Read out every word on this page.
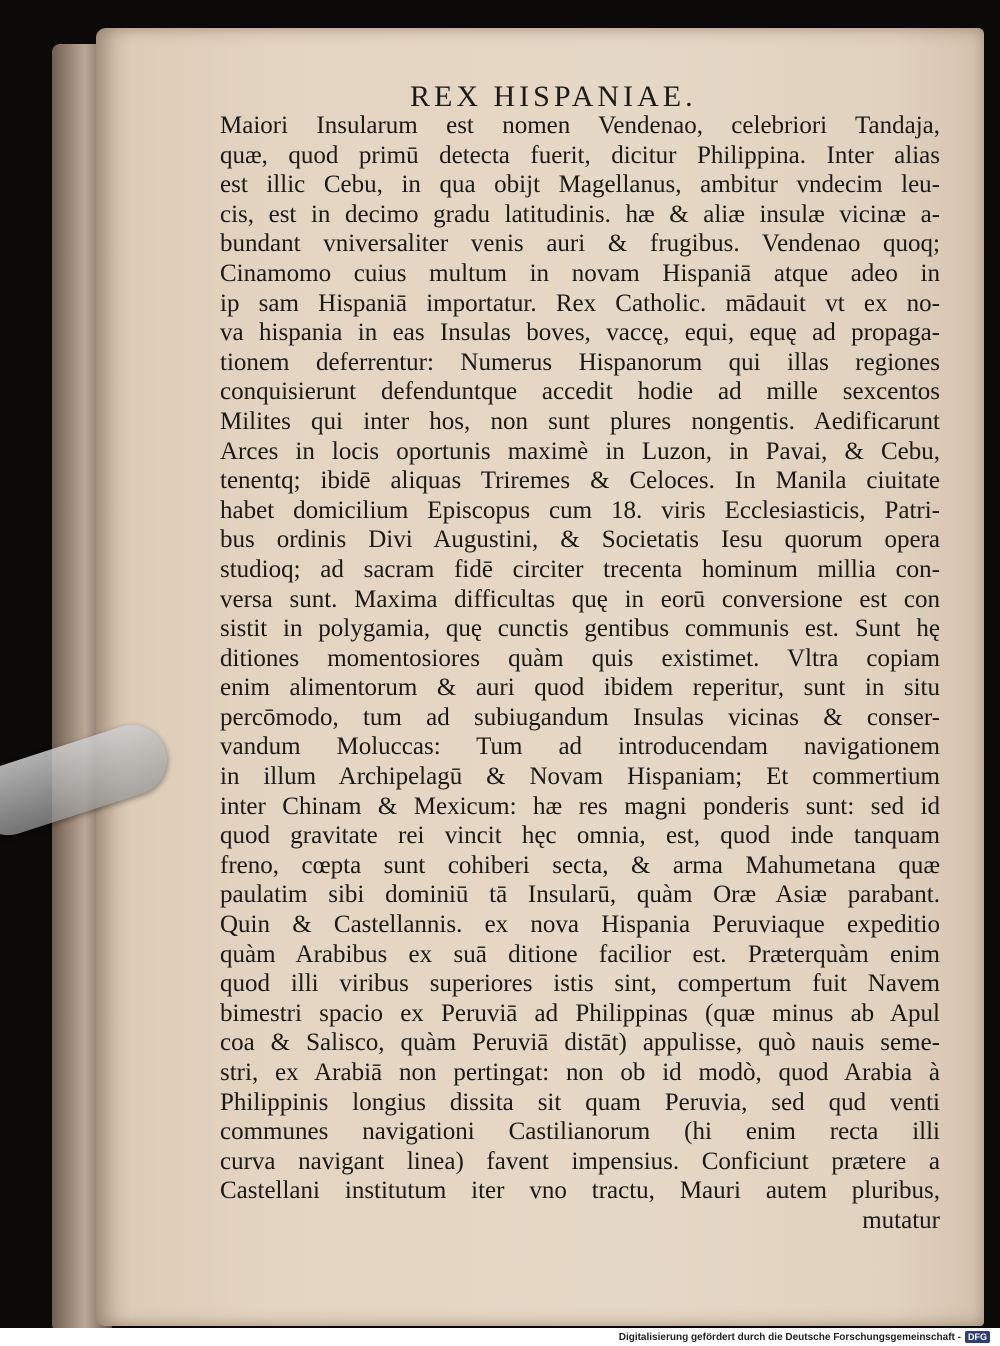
REX HISPANIAE.
Maiori Insularum est nomen Vendenao, celebriori Tandaja,
quæ, quod primū detecta fuerit, dicitur Philippina. Inter alias
est illic Cebu, in qua obijt Magellanus, ambitur vndecim leu-
cis, est in decimo gradu latitudinis. hæ & aliæ insulæ vicinæ a-
bundant vniversaliter venis auri & frugibus. Vendenao quoq;
Cinamomo cuius multum in novam Hispaniā atque adeo in
ip sam Hispaniā importatur. Rex Catholic. mādauit vt ex no-
va hispania in eas Insulas boves, vaccę, equi, equę ad propaga-
tionem deferrentur: Numerus Hispanorum qui illas regiones
conquisierunt defenduntque accedit hodie ad mille sexcentos
Milites qui inter hos, non sunt plures nongentis. Aedificarunt
Arces in locis oportunis maximè in Luzon, in Pavai, & Cebu,
tenentq; ibidē aliquas Triremes & Celoces. In Manila ciuitate
habet domicilium Episcopus cum 18. viris Ecclesiasticis, Patri-
bus ordinis Divi Augustini, & Societatis Iesu quorum opera
studioq; ad sacram fidē circiter trecenta hominum millia con-
versa sunt. Maxima difficultas quę in eorū conversione est con
sistit in polygamia, quę cunctis gentibus communis est. Sunt hę
ditiones momentosiores quàm quis existimet. Vltra copiam
enim alimentorum & auri quod ibidem reperitur, sunt in situ
percōmodo, tum ad subiugandum Insulas vicinas & conser-
vandum Moluccas: Tum ad introducendam navigationem
in illum Archipelagū & Novam Hispaniam; Et commertium
inter Chinam & Mexicum: hæ res magni ponderis sunt: sed id
quod gravitate rei vincit hęc omnia, est, quod inde tanquam
freno, cœpta sunt cohiberi secta, & arma Mahumetana quæ
paulatim sibi dominiū tā Insularū, quàm Oræ Asiæ parabant.
Quin & Castellannis. ex nova Hispania Peruviaque expeditio
quàm Arabibus ex suā ditione facilior est. Præterquàm enim
quod illi viribus superiores istis sint, compertum fuit Navem
bimestri spacio ex Peruviā ad Philippinas (quæ minus ab Apul
coa & Salisco, quàm Peruviā distāt) appulisse, quò nauis seme-
stri, ex Arabiā non pertingat: non ob id modò, quod Arabia à
Philippinis longius dissita sit quam Peruvia, sed qud venti
communes navigationi Castilianorum (hi enim recta illi
curva navigant linea) favent impensius. Conficiunt prætere a
Castellani institutum iter vno tractu, Mauri autem pluribus,
mutatur
Digitalisierung gefördert durch die Deutsche Forschungsgemeinschaft - DFG
